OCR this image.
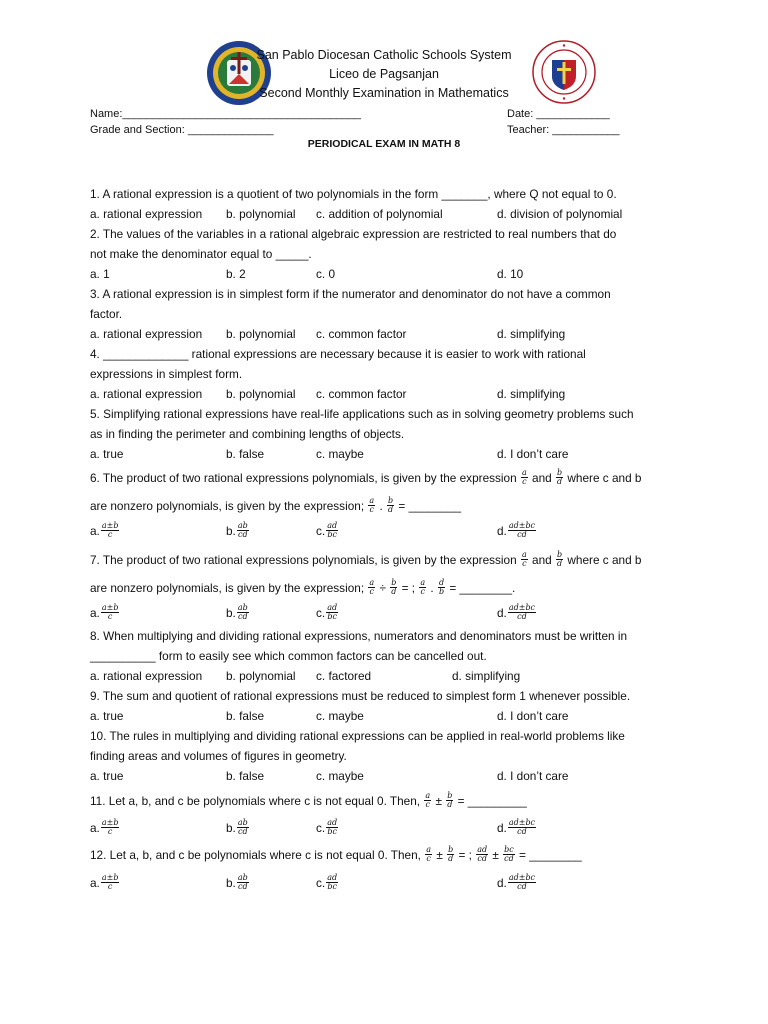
San Pablo Diocesan Catholic Schools System
Liceo de Pagsanjan
Second Monthly Examination in Mathematics
Name:_______________________________________	Date: ____________
Grade and Section: ______________	Teacher: ___________
PERIODICAL EXAM IN MATH 8
1. A rational expression is a quotient of two polynomials in the form _______, where Q not equal to 0.
a. rational expression b. polynomial c. addition of polynomial	d. division of polynomial
2. The values of the variables in a rational algebraic expression are restricted to real numbers that do
not make the denominator equal to _____.
a. 1	b. 2	c. 0	d. 10
3. A rational expression is in simplest form if the numerator and denominator do not have a common
factor.
a. rational expression b. polynomial c. common factor	d. simplifying
4. _____________ rational expressions are necessary because it is easier to work with rational
expressions in simplest form.
a. rational expression b. polynomial c. common factor	d. simplifying
5. Simplifying rational expressions have real-life applications such as in solving geometry problems such
as in finding the perimeter and combining lengths of objects.
a. true	b. false	c. maybe	d. I don’t care
6. The product of two rational expressions polynomials, is given by the expression $\frac{a}{c}$ and $\frac{b}{d}$ where c and b
are nonzero polynomials, is given by the expression; $\frac{a}{c}$ . $\frac{b}{d}$ = ________
a. $\frac{a\pm b}{c}$	b. $\frac{ab}{cd}$	c. $\frac{ad}{bc}$	d. $\frac{ad\pm bc}{cd}$
7. The product of two rational expressions polynomials, is given by the expression $\frac{a}{c}$ and $\frac{b}{d}$ where c and b
are nonzero polynomials, is given by the expression; $\frac{a}{c} \div \frac{b}{d}$ = ; $\frac{a}{c}$ . $\frac{d}{b}$ = ________.
a. $\frac{a\pm b}{c}$	b. $\frac{ab}{cd}$	c. $\frac{ad}{bc}$	d. $\frac{ad\pm bc}{cd}$
8. When multiplying and dividing rational expressions, numerators and denominators must be written in
__________ form to easily see which common factors can be cancelled out.
a. rational expression b. polynomial c. factored	d. simplifying
9. The sum and quotient of rational expressions must be reduced to simplest form 1 whenever possible.
a. true	b. false	c. maybe	d. I don’t care
10. The rules in multiplying and dividing rational expressions can be applied in real-world problems like
finding areas and volumes of figures in geometry.
a. true	b. false	c. maybe	d. I don’t care
11. Let a, b, and c be polynomials where c is not equal 0. Then, $\frac{a}{c} \pm \frac{b}{d}$ = _________
a. $\frac{a\pm b}{c}$	b. $\frac{ab}{cd}$	c. $\frac{ad}{bc}$	d. $\frac{ad\pm bc}{cd}$
12. Let a, b, and c be polynomials where c is not equal 0. Then, $\frac{a}{c} \pm \frac{b}{d}$ = ; $\frac{ad}{cd} \pm \frac{bc}{cd}$ = ________
a. $\frac{a\pm b}{c}$	b. $\frac{ab}{cd}$	c. $\frac{ad}{bc}$	d. $\frac{ad\pm bc}{cd}$
